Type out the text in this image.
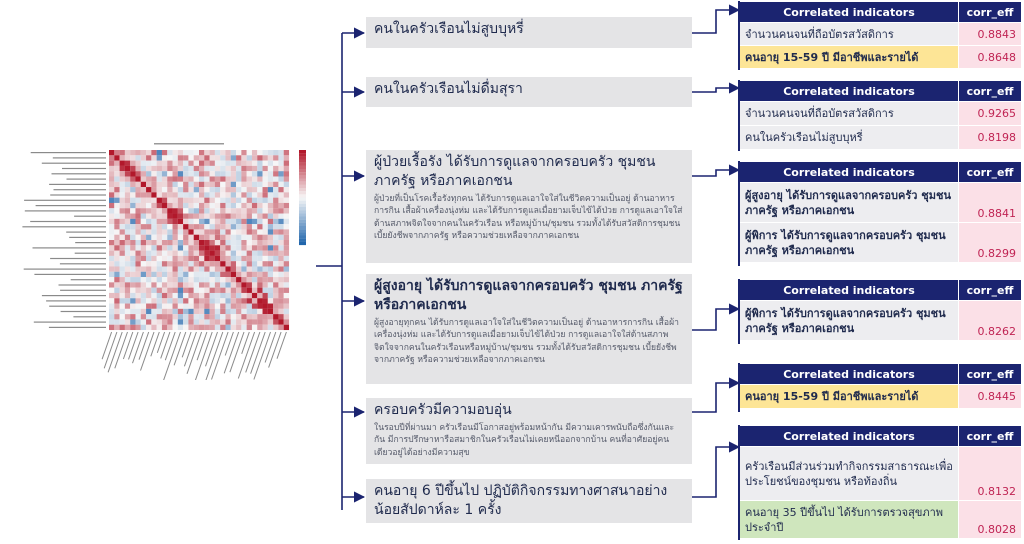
คนในครัวเรือนไม่สูบบุหรี่
คนในครัวเรือนไม่ดื่มสุรา
ผู้ป่วยเรื้อรัง ได้รับการดูแลจากครอบครัว ชุมชน ภาครัฐ หรือภาคเอกชน
ผู้ป่วยที่เป็นโรคเรื้อรังทุกคน ได้รับการดูแลเอาใจใส่ในชีวิตความเป็นอยู่ ด้านอาหารการกิน เสื้อผ้าเครื่องนุ่งห่ม และได้รับการดูแลเมื่อยามเจ็บไข้ได้ป่วย การดูแลเอาใจใส่ด้านสภาพจิตใจจากคนในครัวเรือน หรือหมู่บ้าน/ชุมชน รวมทั้งได้รับสวัสดิการชุมชน เบี้ยยังชีพจากภาครัฐ หรือความช่วยเหลือจากภาคเอกชน
ผู้สูงอายุ ได้รับการดูแลจากครอบครัว ชุมชน ภาครัฐ หรือภาคเอกชน
ผู้สูงอายุทุกคน ได้รับการดูแลเอาใจใส่ในชีวิตความเป็นอยู่ ด้านอาหารการกิน เสื้อผ้าเครื่องนุ่งห่ม และได้รับการดูแลเมื่อยามเจ็บไข้ได้ป่วย การดูแลเอาใจใส่ด้านสภาพจิตใจจากคนในครัวเรือนหรือหมู่บ้าน/ชุมชน รวมทั้งได้รับสวัสดิการชุมชน เบี้ยยังชีพจากภาครัฐ หรือความช่วยเหลือจากภาคเอกชน
ครอบครัวมีความอบอุ่น
ในรอบปีที่ผ่านมา ครัวเรือนมีโอกาสอยู่พร้อมหน้ากัน มีความเคารพนับถือซึ่งกันและกัน มีการปรึกษาหารือสมาชิกในครัวเรือนไม่เคยหนีออกจากบ้าน คนที่อาศัยอยู่คนเดียวอยู่ได้อย่างมีความสุข
คนอายุ 6 ปีขึ้นไป ปฏิบัติกิจกรรมทางศาสนาอย่างน้อยสัปดาห์ละ 1 ครั้ง
Correlated indicators	corr_eff
จำนวนคนจนที่ถือบัตรสวัสดิการ	0.8843
คนอายุ 15-59 ปี มีอาชีพและรายได้	0.8648
Correlated indicators	corr_eff
จำนวนคนจนที่ถือบัตรสวัสดิการ	0.9265
คนในครัวเรือนไม่สูบบุหรี่	0.8198
Correlated indicators	corr_eff
ผู้สูงอายุ ได้รับการดูแลจากครอบครัว ชุมชน ภาครัฐ หรือภาคเอกชน	0.8841
ผู้พิการ ได้รับการดูแลจากครอบครัว ชุมชน ภาครัฐ หรือภาคเอกชน	0.8299
Correlated indicators	corr_eff
ผู้พิการ ได้รับการดูแลจากครอบครัว ชุมชน ภาครัฐ หรือภาคเอกชน	0.8262
Correlated indicators	corr_eff
คนอายุ 15-59 ปี มีอาชีพและรายได้	0.8445
Correlated indicators	corr_eff
ครัวเรือนมีส่วนร่วมทำกิจกรรมสาธารณะเพื่อประโยชน์ของชุมชน หรือท้องถิ่น	0.8132
คนอายุ 35 ปีขึ้นไป ได้รับการตรวจสุขภาพประจำปี	0.8028
